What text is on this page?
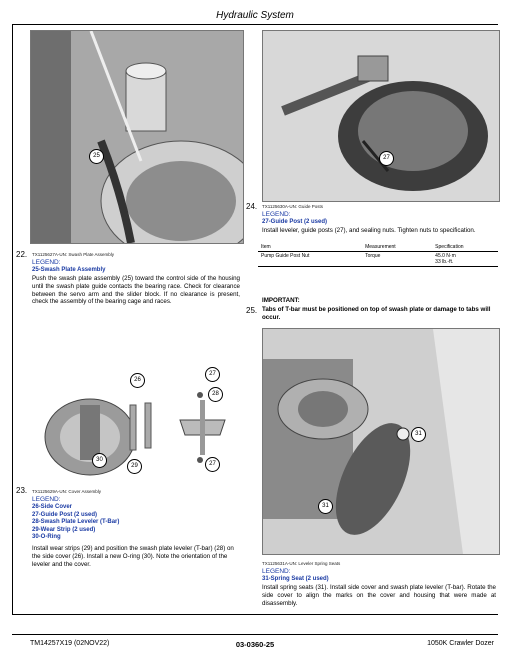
Hydraulic System
25
22. TX1125627A-UN: Swash Plate Assembly
LEGEND:
25-Swash Plate Assembly
Push the swash plate assembly (25) toward the control side of the housing until the swash plate guide contacts the bearing race. Check for clearance between the servo arm and the slider block. If no clearance is present, check the assembly of the bearing cage and races.
27
24. TX1125630A-UN: Guide Posts
LEGEND:
27-Guide Post (2 used)
Install leveler, guide posts (27), and sealing nuts. Tighten nuts to specification.
Item	Measurement	Specification
Pump Guide Post Nut	Torque	45.0 N·m
33 lb.-ft.
IMPORTANT:
25. Tabs of T-bar must be positioned on top of swash plate or damage to tabs will occur.
26
27
28
29	27
30
23. TX1125629A-UN: Cover Assembly
LEGEND:
26-Side Cover
27-Guide Post (2 used)
28-Swash Plate Leveler (T-Bar)
29-Wear Strip (2 used)
30-O-Ring
Install wear strips (29) and position the swash plate leveler (T-bar) (28) on the side cover (26). Install a new O-ring (30). Note the orientation of the leveler and the cover.
31
31
TX1125631A-UN: Leveler Spring Seats
LEGEND:
31-Spring Seat (2 used)
Install spring seats (31). Install side cover and swash plate leveler (T-bar). Rotate the side cover to align the marks on the cover and housing that were made at disassembly.
TM14257X19 (02NOV22)	03-0360-25	1050K Crawler Dozer
